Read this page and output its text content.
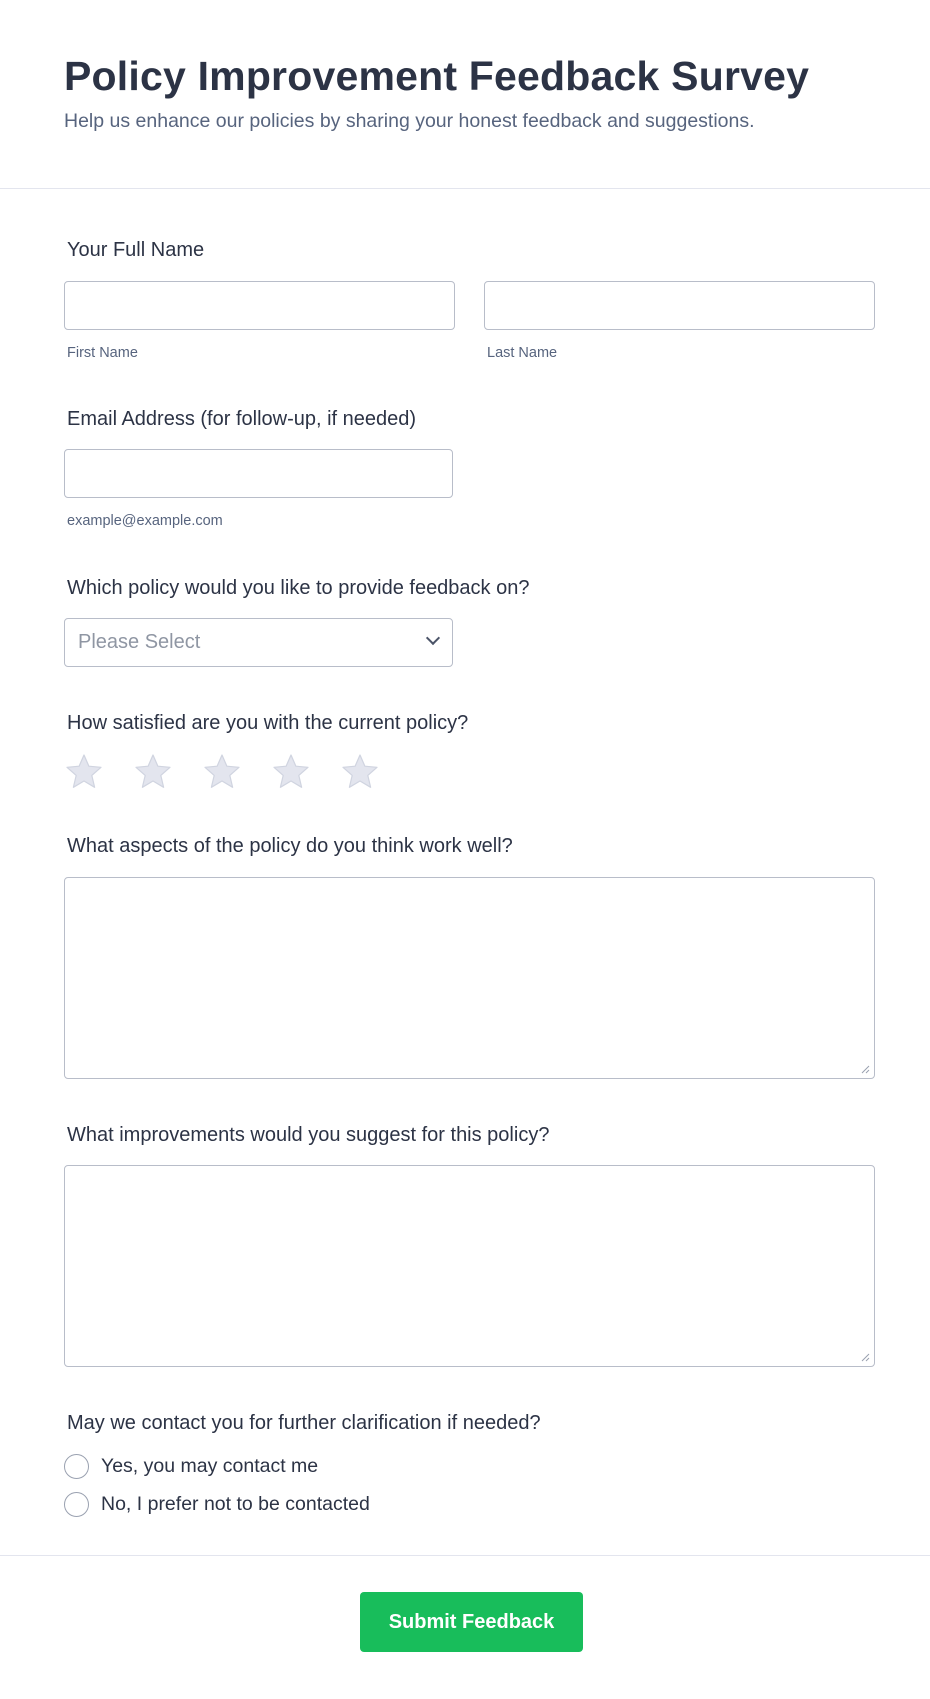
Policy Improvement Feedback Survey

Help us enhance our policies by sharing your honest feedback and suggestions.

Your Full Name
First Name	Last Name
Email Address (for follow-up, if needed)
example@example.com
Which policy would you like to provide feedback on?
Please Select
How satisfied are you with the current policy?
What aspects of the policy do you think work well?
What improvements would you suggest for this policy?
May we contact you for further clarification if needed?
Yes, you may contact me
No, I prefer not to be contacted
Submit Feedback
